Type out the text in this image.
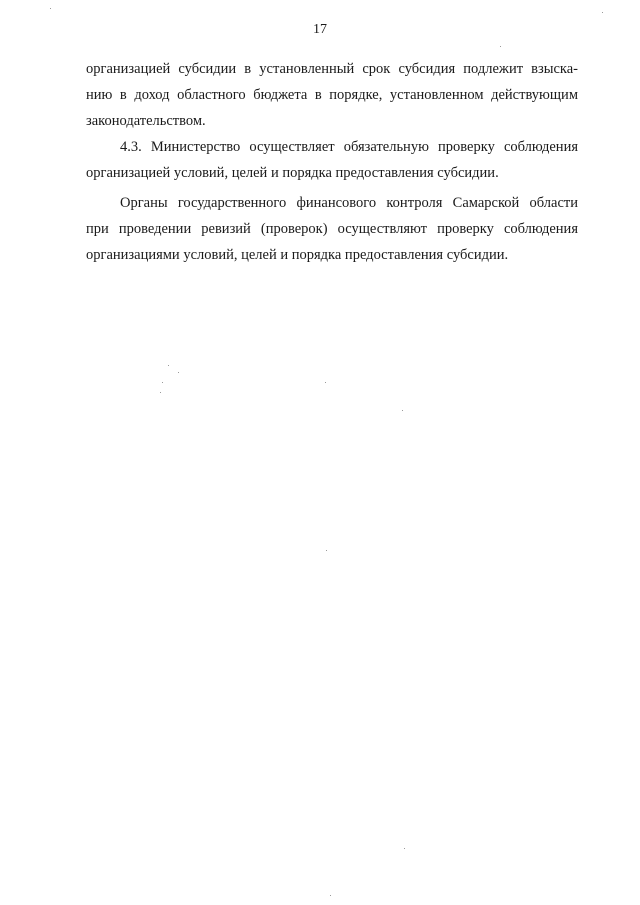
17
организацией субсидии в установленный срок субсидия подлежит взыска-
нию в доход областного бюджета в порядке, установленном действующим
законодательством.
4.3. Министерство осуществляет обязательную проверку соблюдения
организацией условий, целей и порядка предоставления субсидии.
Органы государственного финансового контроля Самарской области
при проведении ревизий (проверок) осуществляют проверку соблюдения
организациями условий, целей и порядка предоставления субсидии.
